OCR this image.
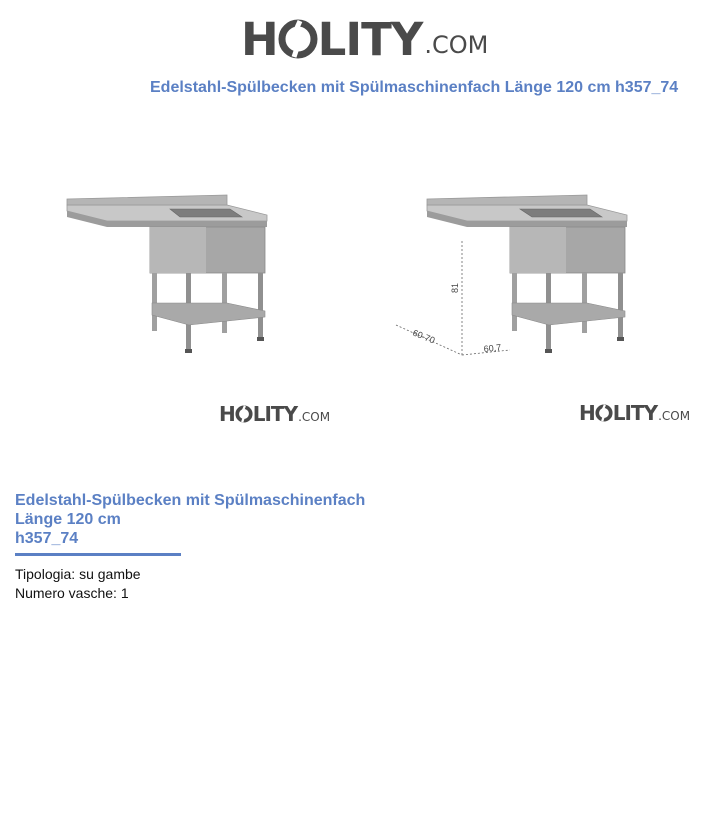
H LITY .COM
Edelstahl-Spülbecken mit Spülmaschinenfach Länge 120 cm h357_74
H LITY .COM
81
60-70
60,7
H LITY .COM
Edelstahl-Spülbecken mit Spülmaschinenfach
Länge 120 cm
h357_74
Tipologia: su gambe
Numero vasche: 1
